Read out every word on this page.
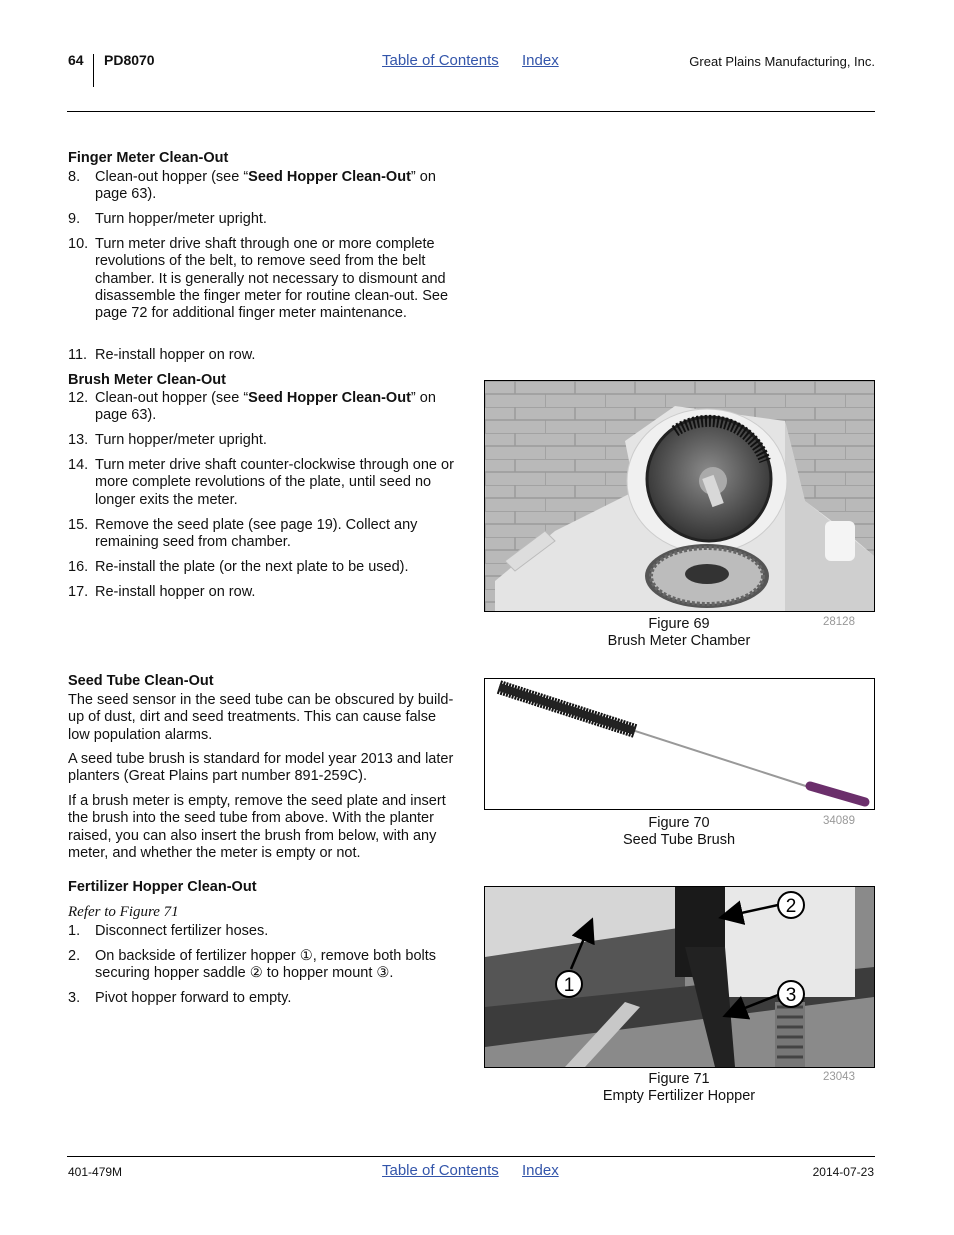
64 PD8070	Table of Contents Index	Great Plains Manufacturing, Inc.
Finger Meter Clean-Out
8. Clean-out hopper (see “Seed Hopper Clean-Out” on page 63).
9. Turn hopper/meter upright.
10. Turn meter drive shaft through one or more complete revolutions of the belt, to remove seed from the belt chamber. It is generally not necessary to dismount and disassemble the finger meter for routine clean-out. See page 72 for additional finger meter maintenance.
11. Re-install hopper on row.
Brush Meter Clean-Out
12. Clean-out hopper (see “Seed Hopper Clean-Out” on page 63).
13. Turn hopper/meter upright.
14. Turn meter drive shaft counter-clockwise through one or more complete revolutions of the plate, until seed no longer exits the meter.
15. Remove the seed plate (see page 19). Collect any remaining seed from chamber.
16. Re-install the plate (or the next plate to be used).
17. Re-install hopper on row.
Seed Tube Clean-Out
The seed sensor in the seed tube can be obscured by build-up of dust, dirt and seed treatments. This can cause false low population alarms.
A seed tube brush is standard for model year 2013 and later planters (Great Plains part number 891-259C).
If a brush meter is empty, remove the seed plate and insert the brush into the seed tube from above. With the planter raised, you can also insert the brush from below, with any meter, and whether the meter is empty or not.
Fertilizer Hopper Clean-Out
Refer to Figure 71
1. Disconnect fertilizer hoses.
2. On backside of fertilizer hopper ①, remove both bolts securing hopper saddle ② to hopper mount ③.
3. Pivot hopper forward to empty.
Figure 69
Brush Meter Chamber
28128
Figure 70
Seed Tube Brush
34089
1
2
3
Figure 71
Empty Fertilizer Hopper
23043
401-479M	Table of Contents Index	2014-07-23
